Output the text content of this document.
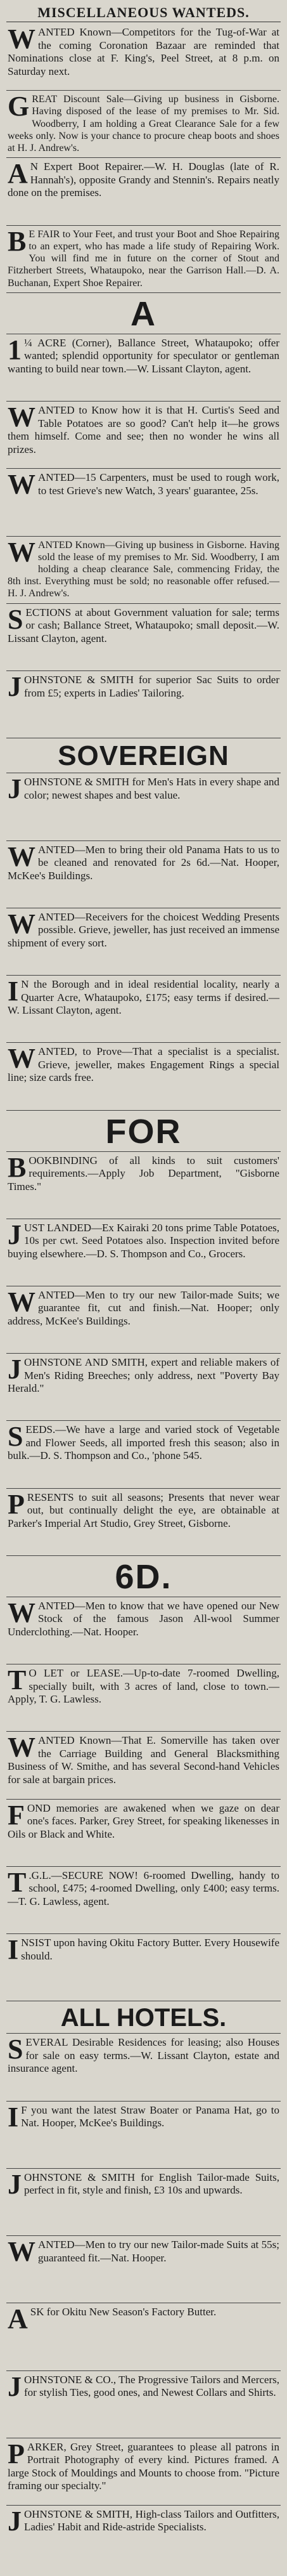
MISCELLANEOUS WANTEDS.
WANTED Known—Competitors for the Tug-of-War at the coming Coronation Bazaar are reminded that Nominations close at F. King's, Peel Street, at 8 p.m. on Saturday next.
GREAT Discount Sale—Giving up business in Gisborne. Having disposed of the lease of my premises to Mr. Sid. Woodberry, I am holding a Great Clearance Sale for a few weeks only. Now is your chance to procure cheap boots and shoes at H. J. Andrew's.
A N Expert Boot Repairer.—W. H. Douglas (late of R. Hannah's), opposite Grandy and Stennin's. Repairs neatly done on the premises.
B E FAIR to Your Feet, and trust your Boot and Shoe Repairing to an expert, who has made a life study of Repairing Work. You will find me in future on the corner of Stout and Fitzherbert Streets, Whataupoko, near the Garrison Hall.—D. A. Buchanan, Expert Shoe Repairer.
A
1 ¼ ACRE (Corner), Ballance Street, Whataupoko; offer wanted; splendid opportunity for speculator or gentleman wanting to build near town.—W. Lissant Clayton, agent.
WANTED to Know how it is that H. Curtis's Seed and Table Potatoes are so good? Can't help it—he grows them himself. Come and see; then no wonder he wins all prizes.
WANTED—15 Carpenters, must be used to rough work, to test Grieve's new Watch, 3 years' guarantee, 25s.
WANTED Known—Giving up business in Gisborne. Having sold the lease of my premises to Mr. Sid. Woodberry, I am holding a cheap clearance Sale, commencing Friday, the 8th inst. Everything must be sold; no reasonable offer refused.—H. J. Andrew's.
SECTIONS at about Government valuation for sale; terms or cash; Ballance Street, Whataupoko; small deposit.—W. Lissant Clayton, agent.
JOHNSTONE & SMITH for superior Sac Suits to order from £5; experts in Ladies' Tailoring.
SOVEREIGN
JOHNSTONE & SMITH for Men's Hats in every shape and color; newest shapes and best value.
WANTED—Men to bring their old Panama Hats to us to be cleaned and renovated for 2s 6d.—Nat. Hooper, McKee's Buildings.
WANTED—Receivers for the choicest Wedding Presents possible. Grieve, jeweller, has just received an immense shipment of every sort.
I N the Borough and in ideal residential locality, nearly a Quarter Acre, Whataupoko, £175; easy terms if desired.—W. Lissant Clayton, agent.
WANTED, to Prove—That a specialist is a specialist. Grieve, jeweller, makes Engagement Rings a special line; size cards free.
FOR
BOOKBINDING of all kinds to suit customers' requirements.—Apply Job Department, "Gisborne Times."
JUST LANDED—Ex Kairaki 20 tons prime Table Potatoes, 10s per cwt. Seed Potatoes also. Inspection invited before buying elsewhere.—D. S. Thompson and Co., Grocers.
WANTED—Men to try our new Tailor-made Suits; we guarantee fit, cut and finish.—Nat. Hooper; only address, McKee's Buildings.
JOHNSTONE AND SMITH, expert and reliable makers of Men's Riding Breeches; only address, next "Poverty Bay Herald."
SEEDS.—We have a large and varied stock of Vegetable and Flower Seeds, all imported fresh this season; also in bulk.—D. S. Thompson and Co., 'phone 545.
PRESENTS to suit all seasons; Presents that never wear out, but continually delight the eye, are obtainable at Parker's Imperial Art Studio, Grey Street, Gisborne.
6D.
WANTED—Men to know that we have opened our New Stock of the famous Jason All-wool Summer Underclothing.—Nat. Hooper.
T O LET or LEASE.—Up-to-date 7-roomed Dwelling, specially built, with 3 acres of land, close to town.—Apply, T. G. Lawless.
WANTED Known—That E. Somerville has taken over the Carriage Building and General Blacksmithing Business of W. Smithe, and has several Second-hand Vehicles for sale at bargain prices.
FOND memories are awakened when we gaze on dear one's faces. Parker, Grey Street, for speaking likenesses in Oils or Black and White.
T .G.L.—SECURE NOW! 6-roomed Dwelling, handy to school, £475; 4-roomed Dwelling, only £400; easy terms.—T. G. Lawless, agent.
INSIST upon having Okitu Factory Butter. Every Housewife should.
ALL HOTELS.
SEVERAL Desirable Residences for leasing; also Houses for sale on easy terms.—W. Lissant Clayton, estate and insurance agent.
I F you want the latest Straw Boater or Panama Hat, go to Nat. Hooper, McKee's Buildings.
JOHNSTONE & SMITH for English Tailor-made Suits, perfect in fit, style and finish, £3 10s and upwards.
WANTED—Men to try our new Tailor-made Suits at 55s; guaranteed fit.—Nat. Hooper.
ASK for Okitu New Season's Factory Butter.
JOHNSTONE & CO., The Progressive Tailors and Mercers, for stylish Ties, good ones, and Newest Collars and Shirts.
PARKER, Grey Street, guarantees to please all patrons in Portrait Photography of every kind. Pictures framed. A large Stock of Mouldings and Mounts to choose from. "Picture framing our specialty."
JOHNSTONE & SMITH, High-class Tailors and Outfitters, Ladies' Habit and Ride-astride Specialists.
